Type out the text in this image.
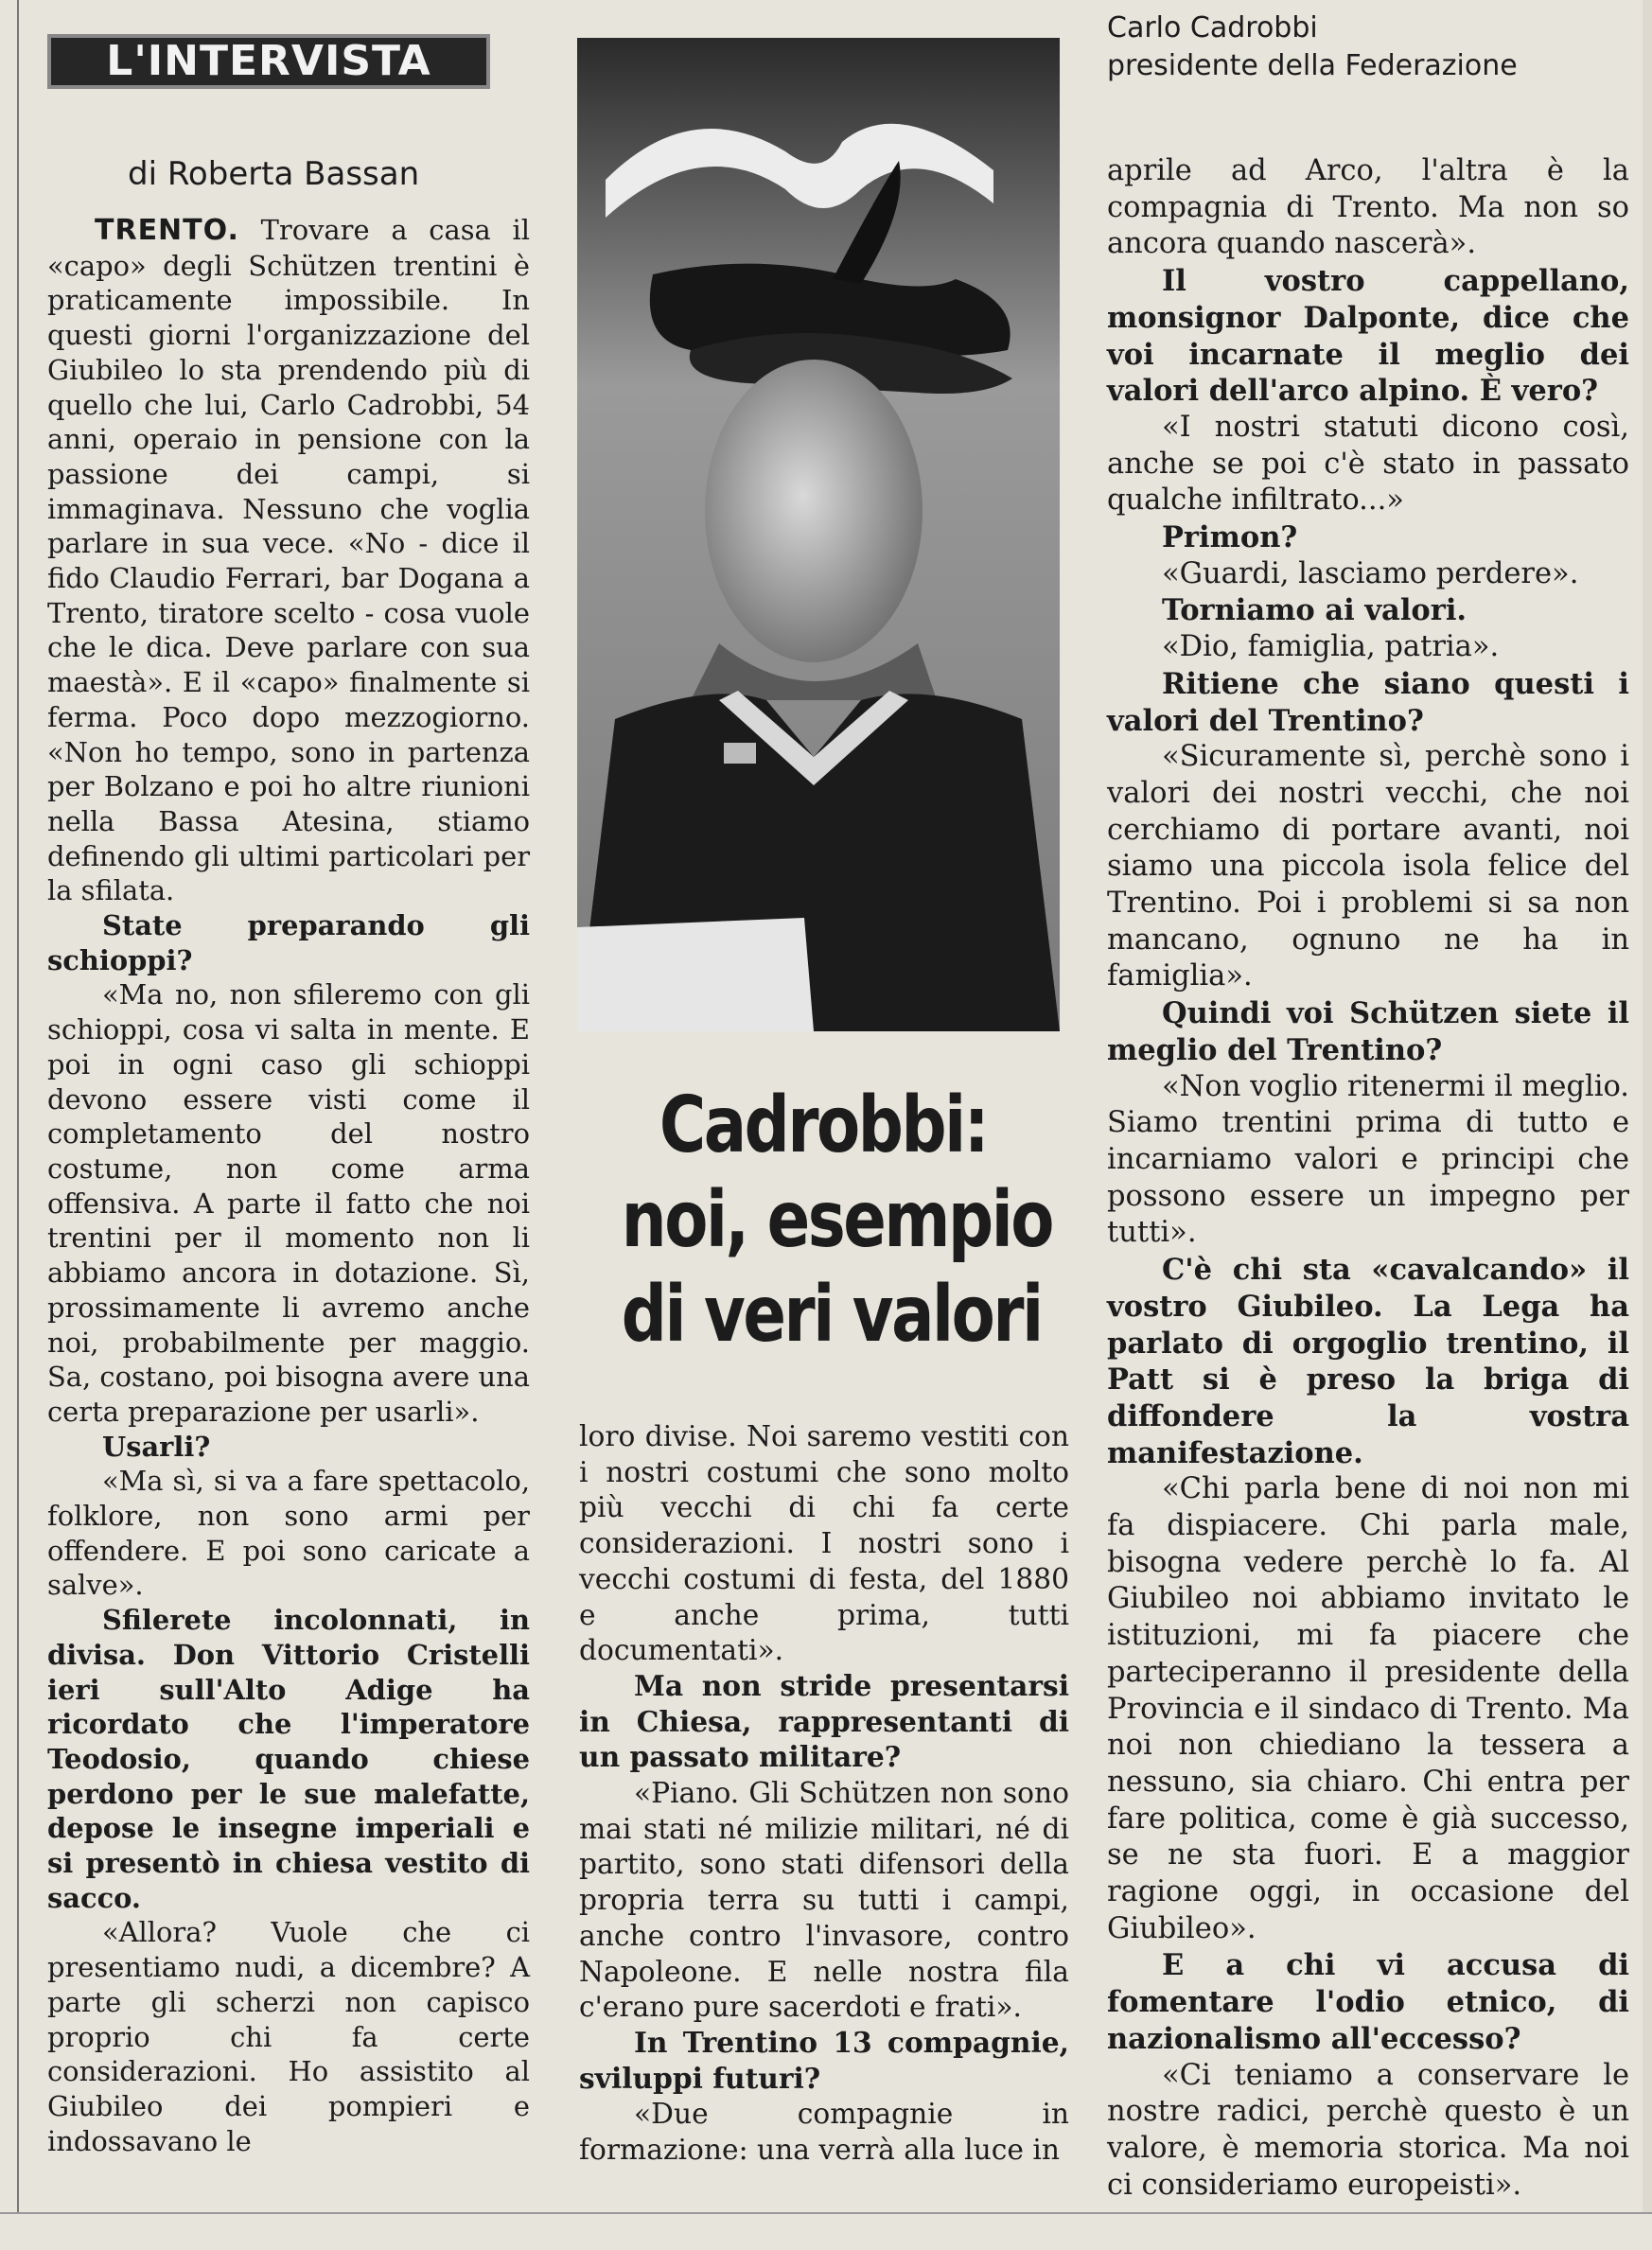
L'INTERVISTA
di Roberta Bassan
Carlo Cadrobbi
presidente della Federazione
Cadrobbi:
noi, esempio
di veri valori

TRENTO. Trovare a casa il «capo» degli Schützen trentini è praticamente impossibile. In questi giorni l'organizzazione del Giubileo lo sta prendendo più di quello che lui, Carlo Cadrobbi, 54 anni, operaio in pensione con la passione dei campi, si immaginava. Nessuno che voglia parlare in sua vece. «No - dice il fido Claudio Ferrari, bar Dogana a Trento, tiratore scelto - cosa vuole che le dica. Deve parlare con sua maestà». E il «capo» finalmente si ferma. Poco dopo mezzogiorno. «Non ho tempo, sono in partenza per Bolzano e poi ho altre riunioni nella Bassa Atesina, stiamo definendo gli ultimi particolari per la sfilata.

State preparando gli schioppi?

«Ma no, non sfileremo con gli schioppi, cosa vi salta in mente. E poi in ogni caso gli schioppi devono essere visti come il completamento del nostro costume, non come arma offensiva. A parte il fatto che noi trentini per il momento non li abbiamo ancora in dotazione. Sì, prossimamente li avremo anche noi, probabilmente per maggio. Sa, costano, poi bisogna avere una certa preparazione per usarli».

Usarli?

«Ma sì, si va a fare spettacolo, folklore, non sono armi per offendere. E poi sono caricate a salve».

Sfilerete incolonnati, in divisa. Don Vittorio Cristelli ieri sull'Alto Adige ha ricordato che l'imperatore Teodosio, quando chiese perdono per le sue malefatte, depose le insegne imperiali e si presentò in chiesa vestito di sacco.

«Allora? Vuole che ci presentiamo nudi, a dicembre? A parte gli scherzi non capisco proprio chi fa certe considerazioni. Ho assistito al Giubileo dei pompieri e indossavano le

loro divise. Noi saremo vestiti con i nostri costumi che sono molto più vecchi di chi fa certe considerazioni. I nostri sono i vecchi costumi di festa, del 1880 e anche prima, tutti documentati».

Ma non stride presentarsi in Chiesa, rappresentanti di un passato militare?

«Piano. Gli Schützen non sono mai stati né milizie militari, né di partito, sono stati difensori della propria terra su tutti i campi, anche contro l'invasore, contro Napoleone. E nelle nostra fila c'erano pure sacerdoti e frati».

In Trentino 13 compagnie, sviluppi futuri?

«Due compagnie in formazione: una verrà alla luce in

aprile ad Arco, l'altra è la compagnia di Trento. Ma non so ancora quando nascerà».

Il vostro cappellano, monsignor Dalponte, dice che voi incarnate il meglio dei valori dell'arco alpino. È vero?

«I nostri statuti dicono così, anche se poi c'è stato in passato qualche infiltrato...»

Primon?

«Guardi, lasciamo perdere».

Torniamo ai valori.

«Dio, famiglia, patria».

Ritiene che siano questi i valori del Trentino?

«Sicuramente sì, perchè sono i valori dei nostri vecchi, che noi cerchiamo di portare avanti, noi siamo una piccola isola felice del Trentino. Poi i problemi si sa non mancano, ognuno ne ha in famiglia».

Quindi voi Schützen siete il meglio del Trentino?

«Non voglio ritenermi il meglio. Siamo trentini prima di tutto e incarniamo valori e principi che possono essere un impegno per tutti».

C'è chi sta «cavalcando» il vostro Giubileo. La Lega ha parlato di orgoglio trentino, il Patt si è preso la briga di diffondere la vostra manifestazione.

«Chi parla bene di noi non mi fa dispiacere. Chi parla male, bisogna vedere perchè lo fa. Al Giubileo noi abbiamo invitato le istituzioni, mi fa piacere che parteciperanno il presidente della Provincia e il sindaco di Trento. Ma noi non chiediano la tessera a nessuno, sia chiaro. Chi entra per fare politica, come è già successo, se ne sta fuori. E a maggior ragione oggi, in occasione del Giubileo».

E a chi vi accusa di fomentare l'odio etnico, di nazionalismo all'eccesso?

«Ci teniamo a conservare le nostre radici, perchè questo è un valore, è memoria storica. Ma noi ci consideriamo europeisti».
